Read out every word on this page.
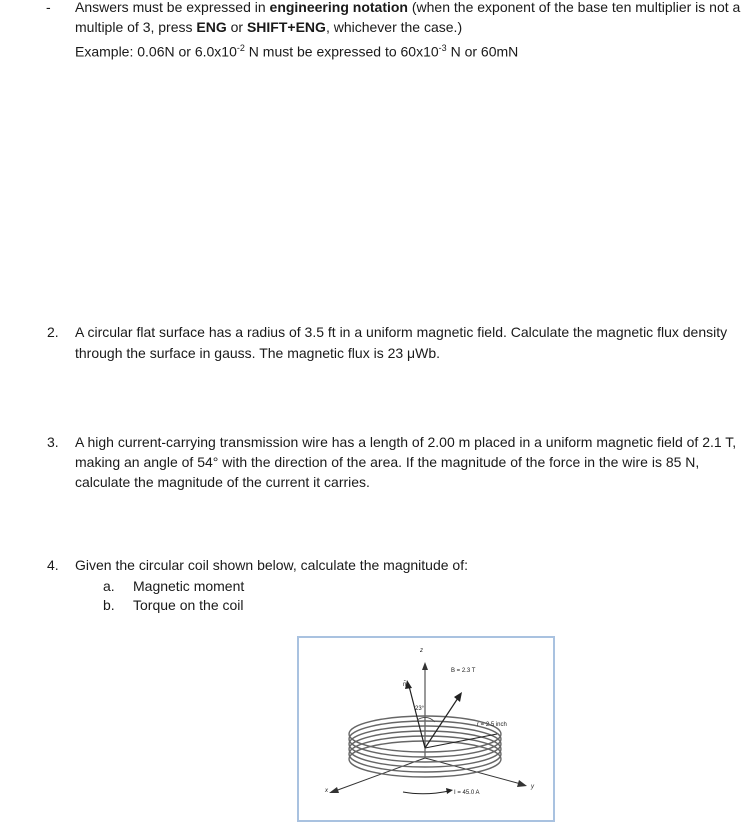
- Answers must be expressed in engineering notation (when the exponent of the base ten multiplier is not a
multiple of 3, press ENG or SHIFT+ENG, whichever the case.)
Example: 0.06N or $6.0x10^{-2}$ N must be expressed to $60x10^{-3}$ N or 60mN
2. A circular flat surface has a radius of 3.5 ft in a uniform magnetic field. Calculate the magnetic flux density
through the surface in gauss. The magnetic flux is 23 μWb.
3. A high current-carrying transmission wire has a length of 2.00 m placed in a uniform magnetic field of 2.1 T,
making an angle of 54° with the direction of the area. If the magnitude of the force in the wire is 85 N,
calculate the magnitude of the current it carries.
4. Given the circular coil shown below, calculate the magnitude of:
a. Magnetic moment
b. Torque on the coil
z
n̂
B = 2.3 T
23°
r = 2.5 inch
I = 45.0 A
x
y
